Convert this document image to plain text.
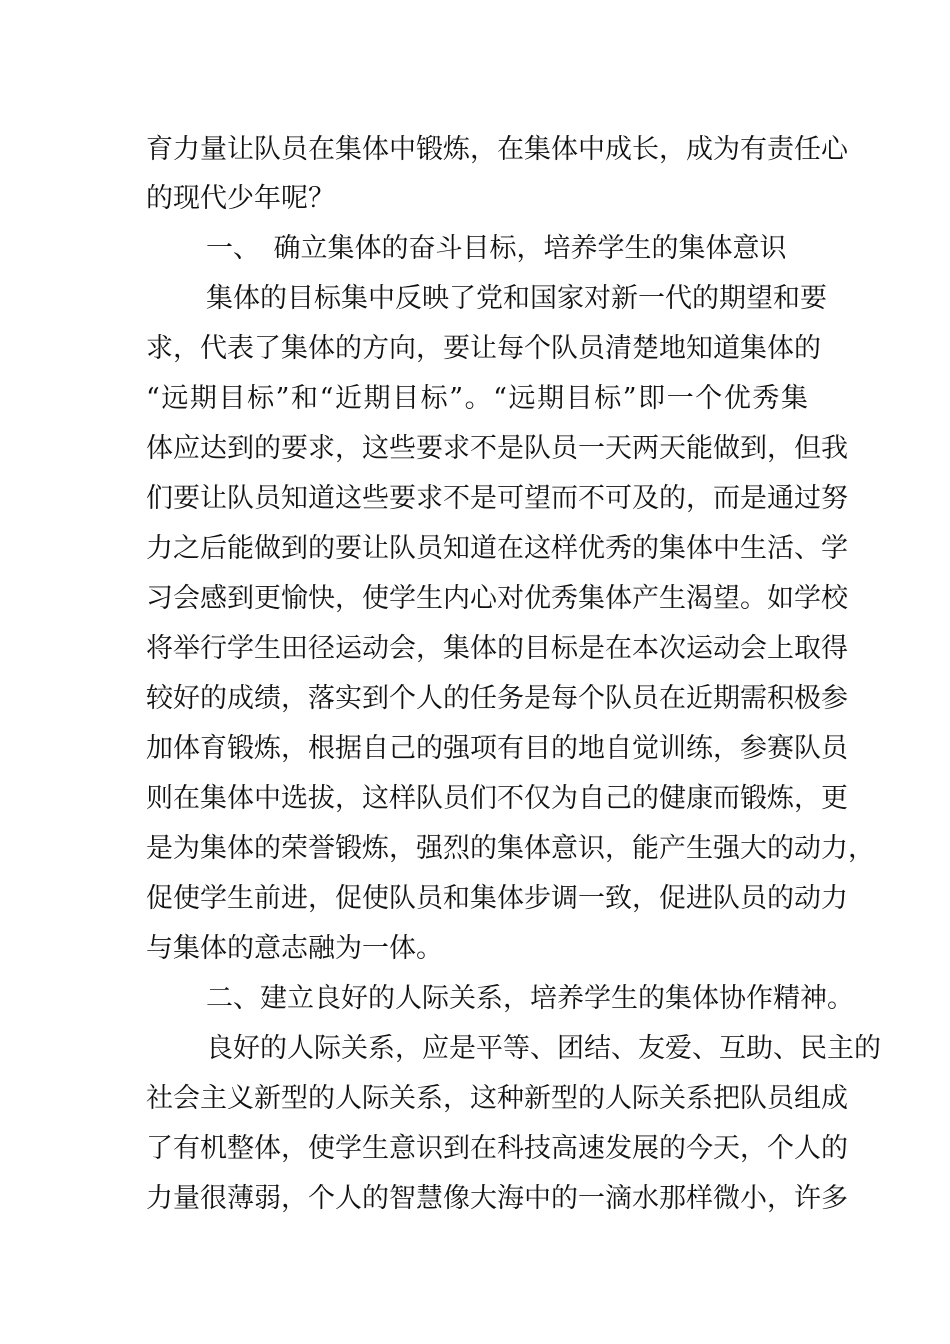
育力量让队员在集体中锻炼，在集体中成长，成为有责任心
的现代少年呢？
一、　确立集体的奋斗目标，培养学生的集体意识
集体的目标集中反映了党和国家对新一代的期望和要
求，代表了集体的方向，要让每个队员清楚地知道集体的
“远期目标”和“近期目标”。“远期目标”即一个优秀集
体应达到的要求，这些要求不是队员一天两天能做到，但我
们要让队员知道这些要求不是可望而不可及的，而是通过努
力之后能做到的要让队员知道在这样优秀的集体中生活、学
习会感到更愉快，使学生内心对优秀集体产生渴望。如学校
将举行学生田径运动会，集体的目标是在本次运动会上取得
较好的成绩，落实到个人的任务是每个队员在近期需积极参
加体育锻炼，根据自己的强项有目的地自觉训练，参赛队员
则在集体中选拔，这样队员们不仅为自己的健康而锻炼，更
是为集体的荣誉锻炼，强烈的集体意识，能产生强大的动力，
促使学生前进，促使队员和集体步调一致，促进队员的动力
与集体的意志融为一体。
二、建立良好的人际关系，培养学生的集体协作精神。
良好的人际关系，应是平等、团结、友爱、互助、民主的
社会主义新型的人际关系，这种新型的人际关系把队员组成
了有机整体，使学生意识到在科技高速发展的今天，个人的
力量很薄弱，个人的智慧像大海中的一滴水那样微小，许多
